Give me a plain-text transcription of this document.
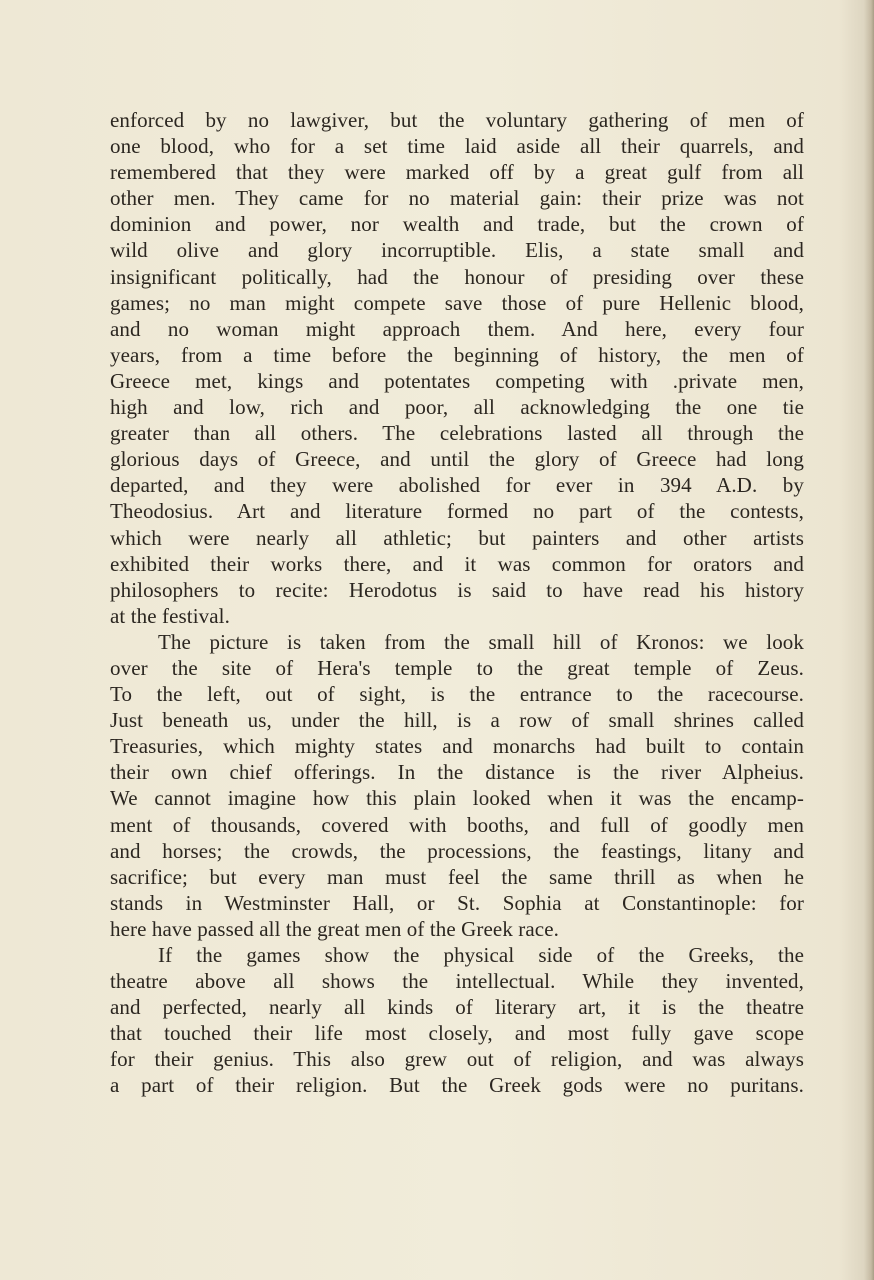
enforced by no lawgiver, but the voluntary gathering of men of
one blood, who for a set time laid aside all their quarrels, and
remembered that they were marked off by a great gulf from all
other men. They came for no material gain: their prize was not
dominion and power, nor wealth and trade, but the crown of
wild olive and glory incorruptible. Elis, a state small and
insignificant politically, had the honour of presiding over these
games; no man might compete save those of pure Hellenic blood,
and no woman might approach them. And here, every four
years, from a time before the beginning of history, the men of
Greece met, kings and potentates competing with .private men,
high and low, rich and poor, all acknowledging the one tie
greater than all others. The celebrations lasted all through the
glorious days of Greece, and until the glory of Greece had long
departed, and they were abolished for ever in 394 A.D. by
Theodosius. Art and literature formed no part of the contests,
which were nearly all athletic; but painters and other artists
exhibited their works there, and it was common for orators and
philosophers to recite: Herodotus is said to have read his history
at the festival.
The picture is taken from the small hill of Kronos: we look
over the site of Hera's temple to the great temple of Zeus.
To the left, out of sight, is the entrance to the racecourse.
Just beneath us, under the hill, is a row of small shrines called
Treasuries, which mighty states and monarchs had built to contain
their own chief offerings. In the distance is the river Alpheius.
We cannot imagine how this plain looked when it was the encamp-
ment of thousands, covered with booths, and full of goodly men
and horses; the crowds, the processions, the feastings, litany and
sacrifice; but every man must feel the same thrill as when he
stands in Westminster Hall, or St. Sophia at Constantinople: for
here have passed all the great men of the Greek race.
If the games show the physical side of the Greeks, the
theatre above all shows the intellectual. While they invented,
and perfected, nearly all kinds of literary art, it is the theatre
that touched their life most closely, and most fully gave scope
for their genius. This also grew out of religion, and was always
a part of their religion. But the Greek gods were no puritans.
